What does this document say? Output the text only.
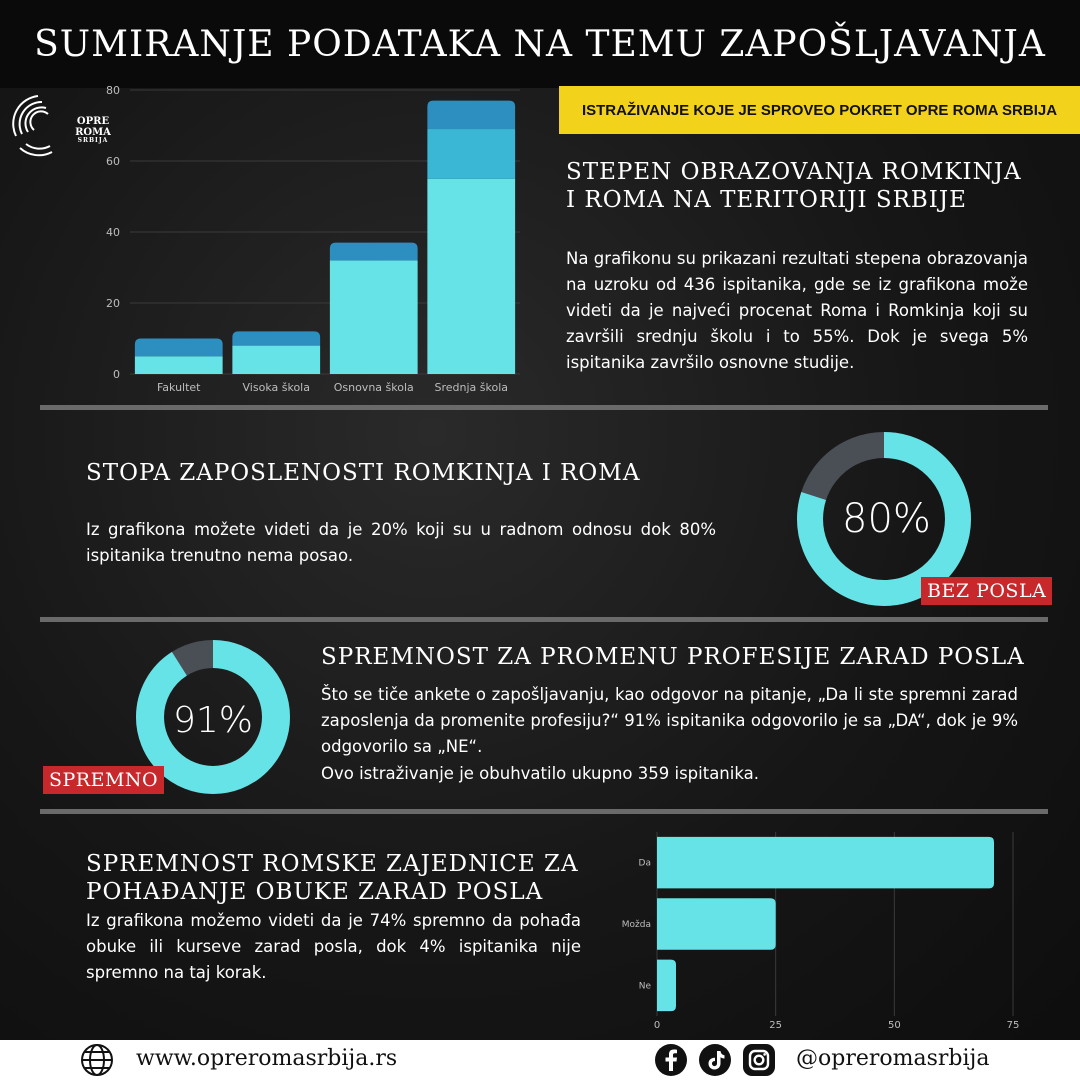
SUMIRANJE PODATAKA NA TEMU ZAPOŠLJAVANJA
OPRE ROMA
SRBIJA
0
20
40
60
80
Fakultet	Visoka škola Osnovna škola Srednja škola
ISTRAŽIVANJE KOJE JE SPROVEO POKRET OPRE ROMA SRBIJA
STEPEN OBRAZOVANJA ROMKINJA
I ROMA NA TERITORIJI SRBIJE
Na grafikonu su prikazani rezultati stepena obrazovanja na uzroku od 436 ispitanika, gde se iz grafikona može videti da je najveći procenat Roma i Romkinja koji su završili srednju školu i to 55%. Dok je svega 5% ispitanika završilo osnovne studije.
STOPA ZAPOSLENOSTI ROMKINJA I ROMA
Iz grafikona možete videti da je 20% koji su u radnom odnosu dok 80% ispitanika trenutno nema posao.
80%
BEZ POSLA
91%
SPREMNO
SPREMNOST ZA PROMENU PROFESIJE ZARAD POSLA
Što se tiče ankete o zapošljavanju, kao odgovor na pitanje, „Da li ste spremni zarad zaposlenja da promenite profesiju?“ 91% ispitanika odgovorilo je sa „DA“, dok je 9% odgovorilo sa „NE“.
Ovo istraživanje je obuhvatilo ukupno 359 ispitanika.
SPREMNOST ROMSKE ZAJEDNICE ZA
POHAĐANJE OBUKE ZARAD POSLA
Iz grafikona možemo videti da je 74% spremno da pohađa obuke ili kurseve zarad posla, dok 4% ispitanika nije spremno na taj korak.
0	25	50	75
Da
Možda
Ne
www.opreromasrbija.rs	@opreromasrbija
